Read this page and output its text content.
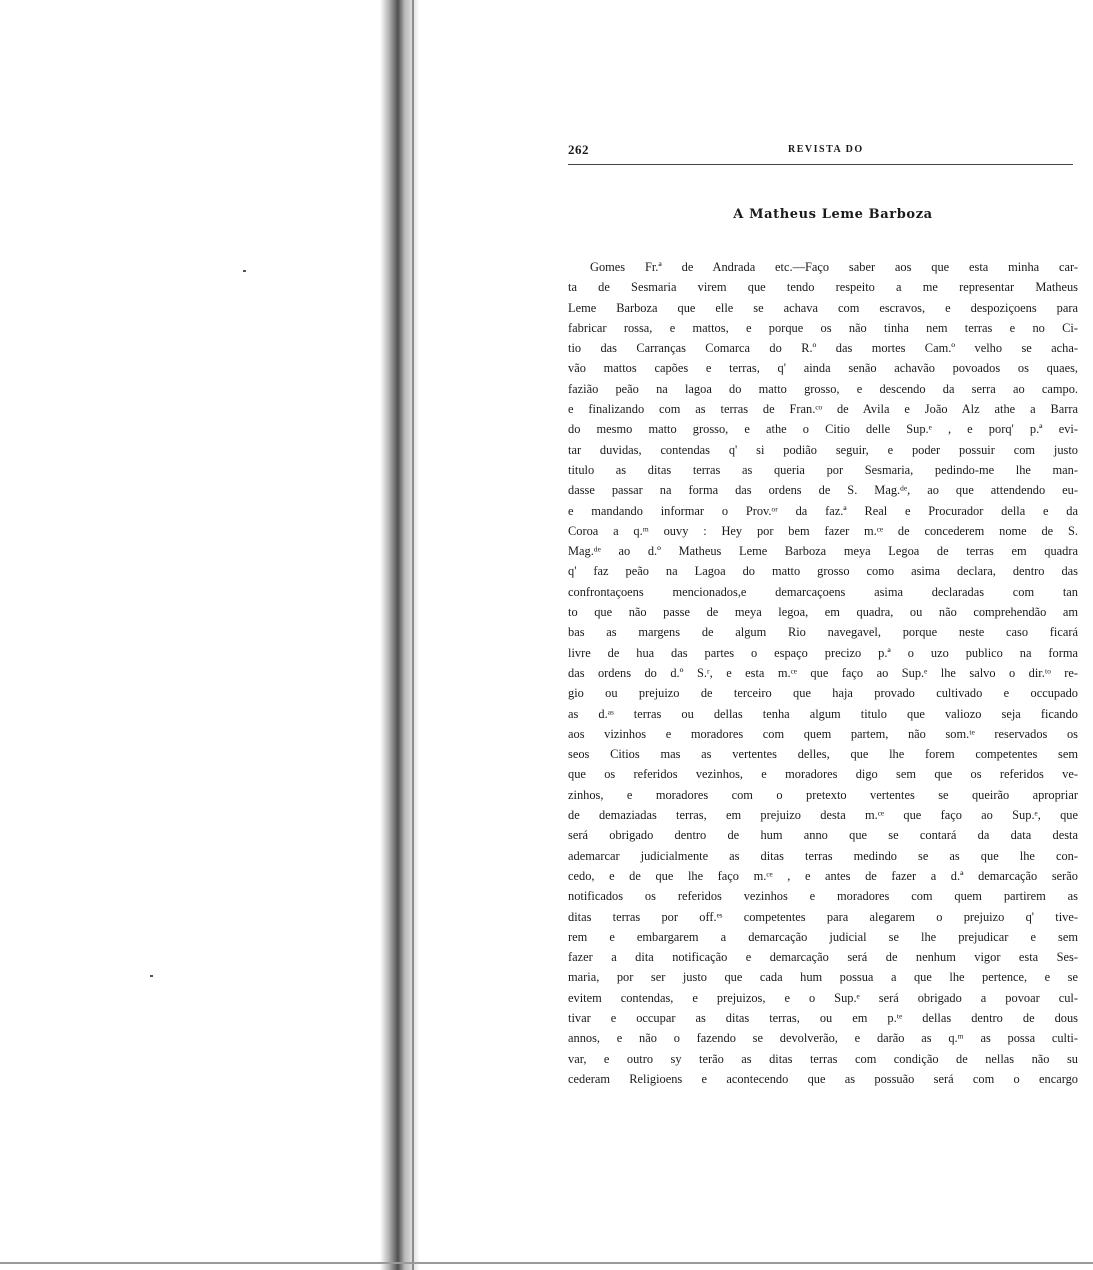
262	REVISTA DO
A Matheus Leme Barboza
Gomes Fr.ª de Andrada etc.—Faço saber aos que esta minha car-
ta de Sesmaria virem que tendo respeito a me representar Matheus
Leme Barboza que elle se achava com escravos, e despoziçoens para
fabricar rossa, e mattos, e porque os não tinha nem terras e no Ci-
tio das Carranças Comarca do R.º das mortes Cam.º velho se acha-
vão mattos capões e terras, q' ainda senão achavão povoados os quaes,
fazião peão na lagoa do matto grosso, e descendo da serra ao campo.
e finalizando com as terras de Fran.ᶜᵒ de Avila e João Alz athe a Barra
do mesmo matto grosso, e athe o Citio delle Sup.ᵉ , e porq' p.ª evi-
tar duvidas, contendas q' si podião seguir, e poder possuir com justo
titulo as ditas terras as queria por Sesmaria, pedindo-me lhe man-
dasse passar na forma das ordens de S. Mag.ᵈᵉ, ao que attendendo eu-
e mandando informar o Prov.ᵒʳ da faz.ª Real e Procurador della e da
Coroa a q.ᵐ ouvy : Hey por bem fazer m.ᶜᵉ de concederem nome de S.
Mag.ᵈᵉ ao d.º Matheus Leme Barboza meya Legoa de terras em quadra
q' faz peão na Lagoa do matto grosso como asima declara, dentro das
confrontaçoens mencionados,e demarcaçoens asima declaradas com tan
to que não passe de meya legoa, em quadra, ou não comprehendão am
bas as margens de algum Rio navegavel, porque neste caso ficará
livre de hua das partes o espaço precizo p.ª o uzo publico na forma
das ordens do d.º S.ʳ, e esta m.ᶜᵉ que faço ao Sup.ᵉ lhe salvo o dir.ᵗᵒ re-
gio ou prejuizo de terceiro que haja provado cultivado e occupado
as d.ᵃˢ terras ou dellas tenha algum titulo que valiozo seja ficando
aos vizinhos e moradores com quem partem, não som.ᵗᵉ reservados os
seos Citios mas as vertentes delles, que lhe forem competentes sem
que os referidos vezinhos, e moradores digo sem que os referidos ve-
zinhos, e moradores com o pretexto vertentes se queirão apropriar
de demaziadas terras, em prejuizo desta m.ᶜᵉ que faço ao Sup.ᵉ, que
será obrigado dentro de hum anno que se contará da data desta
ademarcar judicialmente as ditas terras medindo se as que lhe con-
cedo, e de que lhe faço m.ᶜᵉ , e antes de fazer a d.ª demarcação serão
notificados os referidos vezinhos e moradores com quem partirem as
ditas terras por off.ᵉˢ competentes para alegarem o prejuizo q' tive-
rem e embargarem a demarcação judicial se lhe prejudicar e sem
fazer a dita notificação e demarcação será de nenhum vigor esta Ses-
maria, por ser justo que cada hum possua a que lhe pertence, e se
evitem contendas, e prejuizos, e o Sup.ᵉ será obrigado a povoar cul-
tivar e occupar as ditas terras, ou em p.ᵗᵉ dellas dentro de dous
annos, e não o fazendo se devolverão, e darão as q.ᵐ as possa culti-
var, e outro sy terão as ditas terras com condição de nellas não su
cederam Religioens e acontecendo que as possuão será com o encargo
